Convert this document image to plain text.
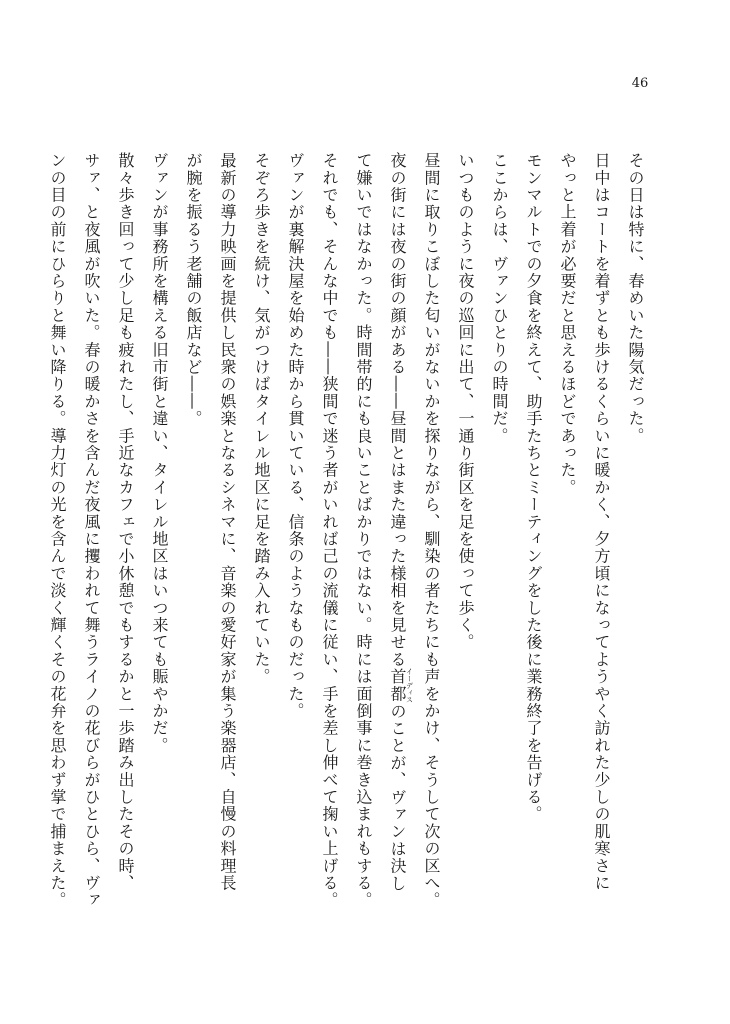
46
その日は特に、春めいた陽気だった。
日中はコートを着ずとも歩けるくらいに暖かく、夕方頃になってようやく訪れた少しの肌寒さに
やっと上着が必要だと思えるほどであった。
モンマルトでの夕食を終えて、助手たちとミーティングをした後に業務終了を告げる。
ここからは、ヴァンひとりの時間だ。
いつものように夜の巡回に出て、一通り街区を足を使って歩く。
昼間に取りこぼした匂いがないかを探りながら、馴染の者たちにも声をかけ、そうして次の区へ。
夜の街には夜の街の顔がある――昼間とはまた違った様相を見せる首都イーディスのことが、ヴァンは決し
て嫌いではなかった。時間帯的にも良いことばかりではない。時には面倒事に巻き込まれもする。
それでも、そんな中でも――狭間で迷う者がいれば己の流儀に従い、手を差し伸べて掬い上げる。
ヴァンが裏解決屋を始めた時から貫いている、信条のようなものだった。
そぞろ歩きを続け、気がつけばタイレル地区に足を踏み入れていた。
最新の導力映画を提供し民衆の娯楽となるシネマに、音楽の愛好家が集う楽器店、自慢の料理長
が腕を振るう老舗の飯店など――。
ヴァンが事務所を構える旧市街と違い、タイレル地区はいつ来ても賑やかだ。
散々歩き回って少し足も疲れたし、手近なカフェで小休憩でもするかと一歩踏み出したその時、
サァ、と夜風が吹いた。春の暖かさを含んだ夜風に攫われて舞うライノの花びらがひとひら、ヴァ
ンの目の前にひらりと舞い降りる。導力灯の光を含んで淡く輝くその花弁を思わず掌で捕まえた。
